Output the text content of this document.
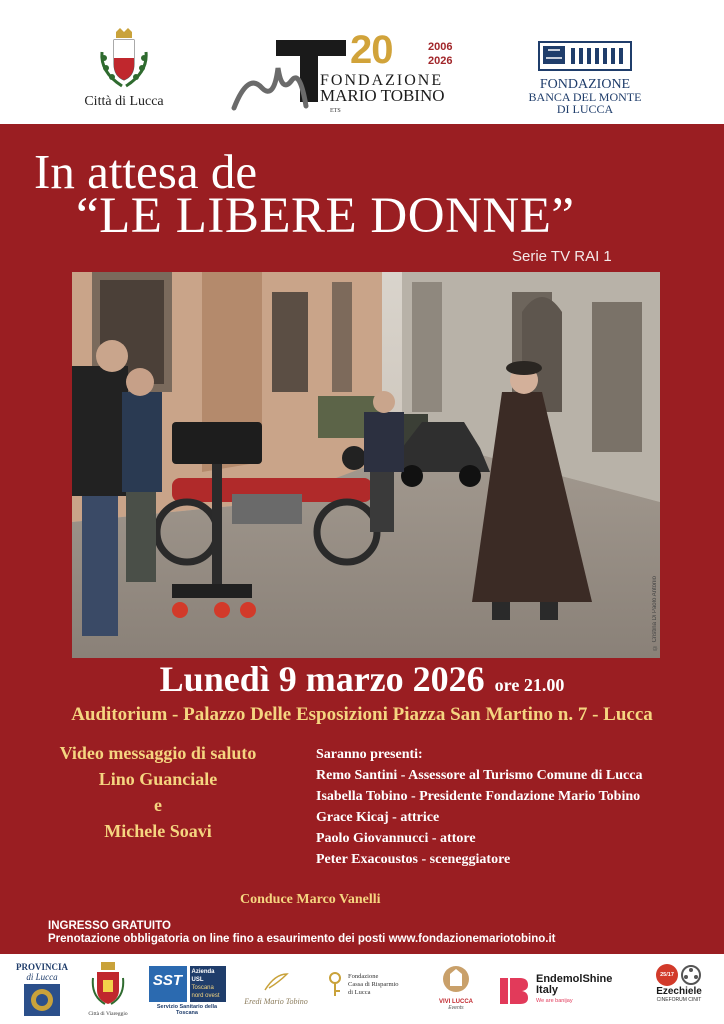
Città di Lucca
20	2006
2026
FONDAZIONE
MARIO TOBINO
ETS
FONDAZIONE
BANCA DEL MONTE
DI LUCCA
In attesa de
“LE LIBERE DONNE”
Serie TV RAI 1
© Cristina Di Paolo Antonio
Lunedì 9 marzo 2026 ore 21.00
Auditorium - Palazzo Delle Esposizioni Piazza San Martino n. 7 - Lucca
Video messaggio di saluto
Lino Guanciale
e
Michele Soavi
Saranno presenti:
Remo Santini - Assessore al Turismo Comune di Lucca
Isabella Tobino - Presidente Fondazione Mario Tobino
Grace Kicaj - attrice
Paolo Giovannucci - attore
Peter Exacoustos - sceneggiatore
Conduce Marco Vanelli
INGRESSO GRATUITO
Prenotazione obbligatoria on line fino a esaurimento dei posti www.fondazionemariotobino.it
PROVINCIA
di Lucca
Città di Viareggio
SST	Azienda
USL
Toscana
nord ovest
Servizio Sanitario della Toscana
Eredi Mario Tobino
Fondazione
Cassa di Risparmio
di Lucca
VIVI LUCCA
Events
EndemolShine
Italy
We are banijay
25/17
Ezechiele
CINEFORUM CINIT
